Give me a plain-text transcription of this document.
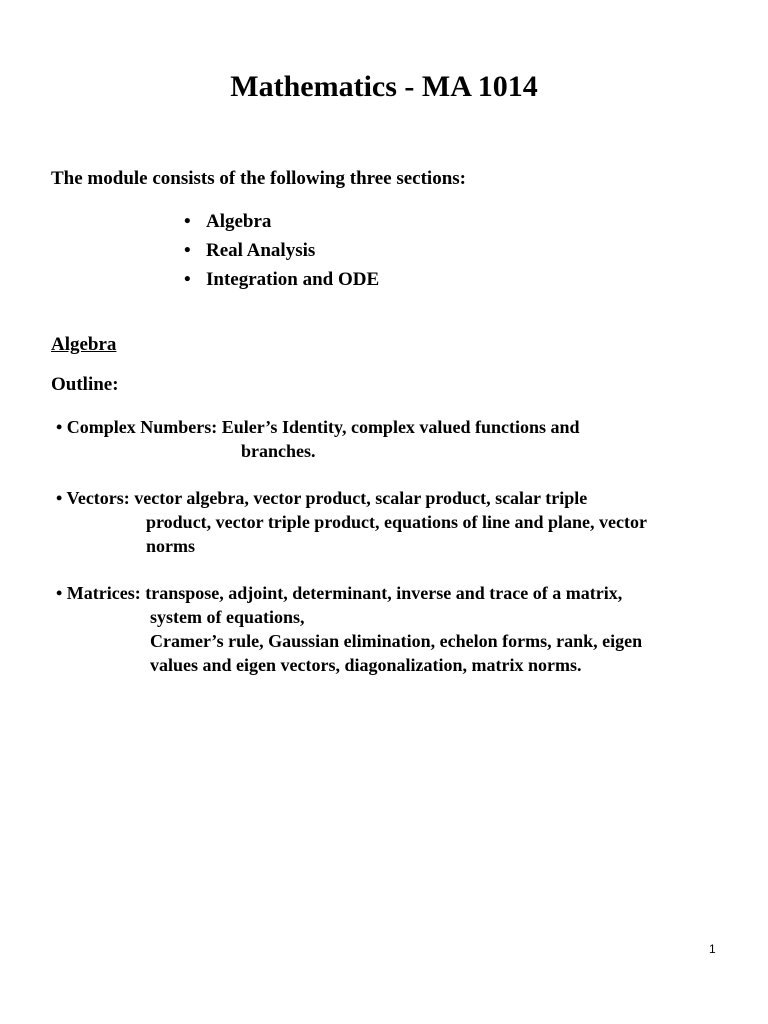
Mathematics - MA 1014
The module consists of the following three sections:
• Algebra
• Real Analysis
• Integration and ODE
Algebra
Outline:
• Complex Numbers: Euler’s Identity, complex valued functions and
branches.
• Vectors: vector algebra, vector product, scalar product, scalar triple
product, vector triple product, equations of line and plane, vector
norms
• Matrices: transpose, adjoint, determinant, inverse and trace of a matrix,
system of equations,
Cramer’s rule, Gaussian elimination, echelon forms, rank, eigen
values and eigen vectors, diagonalization, matrix norms.
1
